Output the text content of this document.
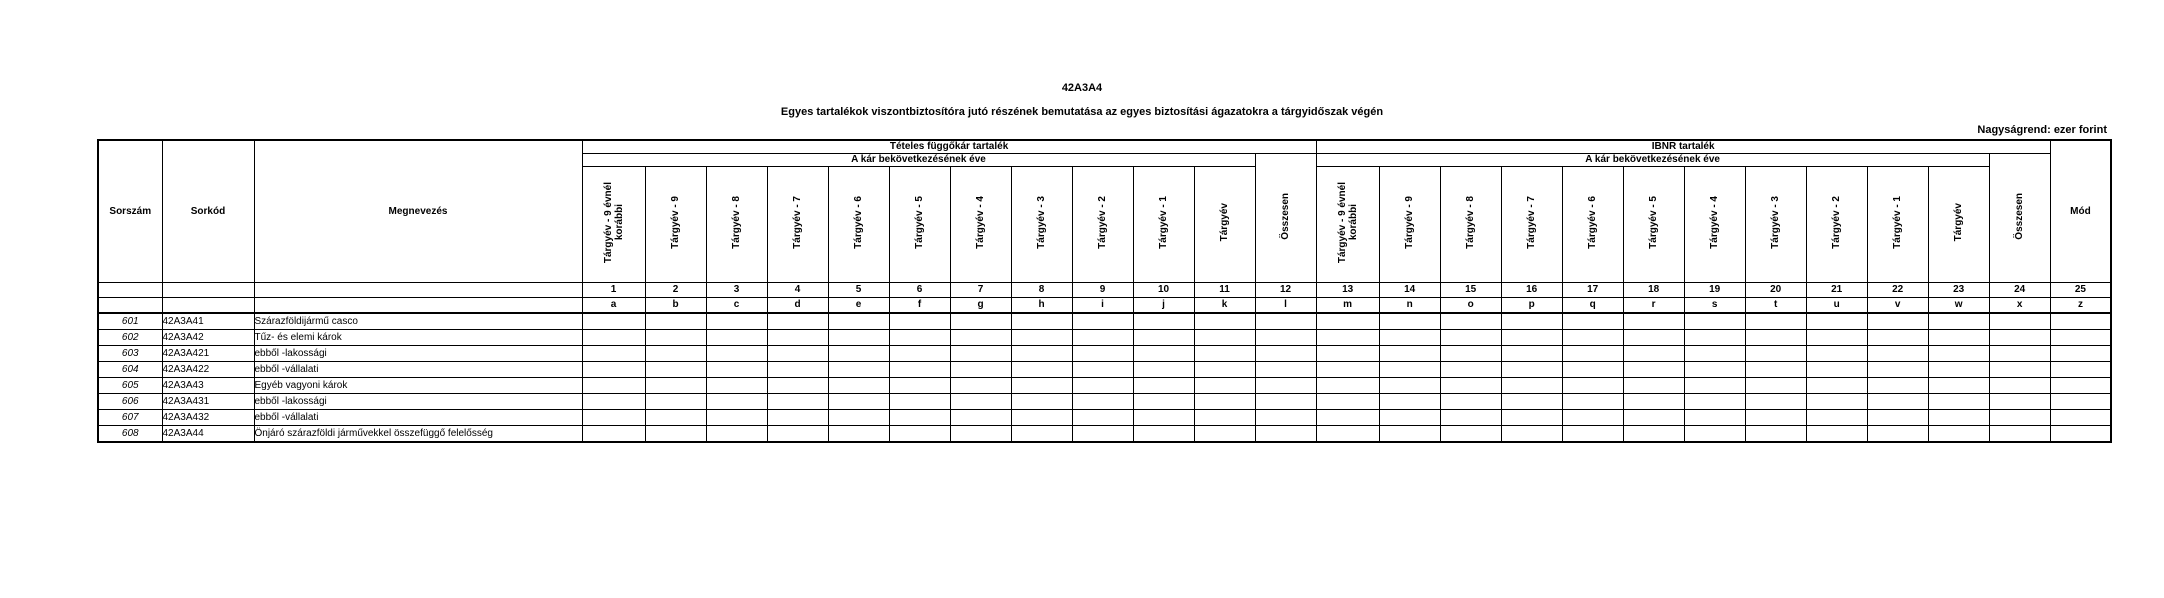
42A3A4
Egyes tartalékok viszontbiztosítóra jutó részének bemutatása az egyes biztosítási ágazatokra a tárgyidőszak végén
Nagyságrend: ezer forint
Sorszám	Sorkód	Megnevezés	Tételes függőkár tartalék												IBNR tartalék												Mód
			A kár bekövetkezésének éve											Összesen	A kár bekövetkezésének éve											Összesen	
			Tárgyév - 9 évnél
korábbi	Tárgyév - 9	Tárgyév - 8	Tárgyév - 7	Tárgyév - 6	Tárgyév - 5	Tárgyév - 4	Tárgyév - 3	Tárgyév - 2	Tárgyév - 1	Tárgyév		Tárgyév - 9 évnél
korábbi	Tárgyév - 9	Tárgyév - 8	Tárgyév - 7	Tárgyév - 6	Tárgyév - 5	Tárgyév - 4	Tárgyév - 3	Tárgyév - 2	Tárgyév - 1	Tárgyév		
			1	2	3	4	5	6	7	8	9	10	11	12	13	14	15	16	17	18	19	20	21	22	23	24	25
			a	b	c	d	e	f	g	h	i	j	k	l	m	n	o	p	q	r	s	t	u	v	w	x	z
601	42A3A41	Szárazföldijármű casco																									
602	42A3A42	Tűz- és elemi károk																									
603	42A3A421	ebből -lakossági																									
604	42A3A422	ebből -vállalati																									
605	42A3A43	Egyéb vagyoni károk																									
606	42A3A431	ebből -lakossági																									
607	42A3A432	ebből -vállalati																									
608	42A3A44	Önjáró szárazföldi járművekkel összefüggő felelősség																									
